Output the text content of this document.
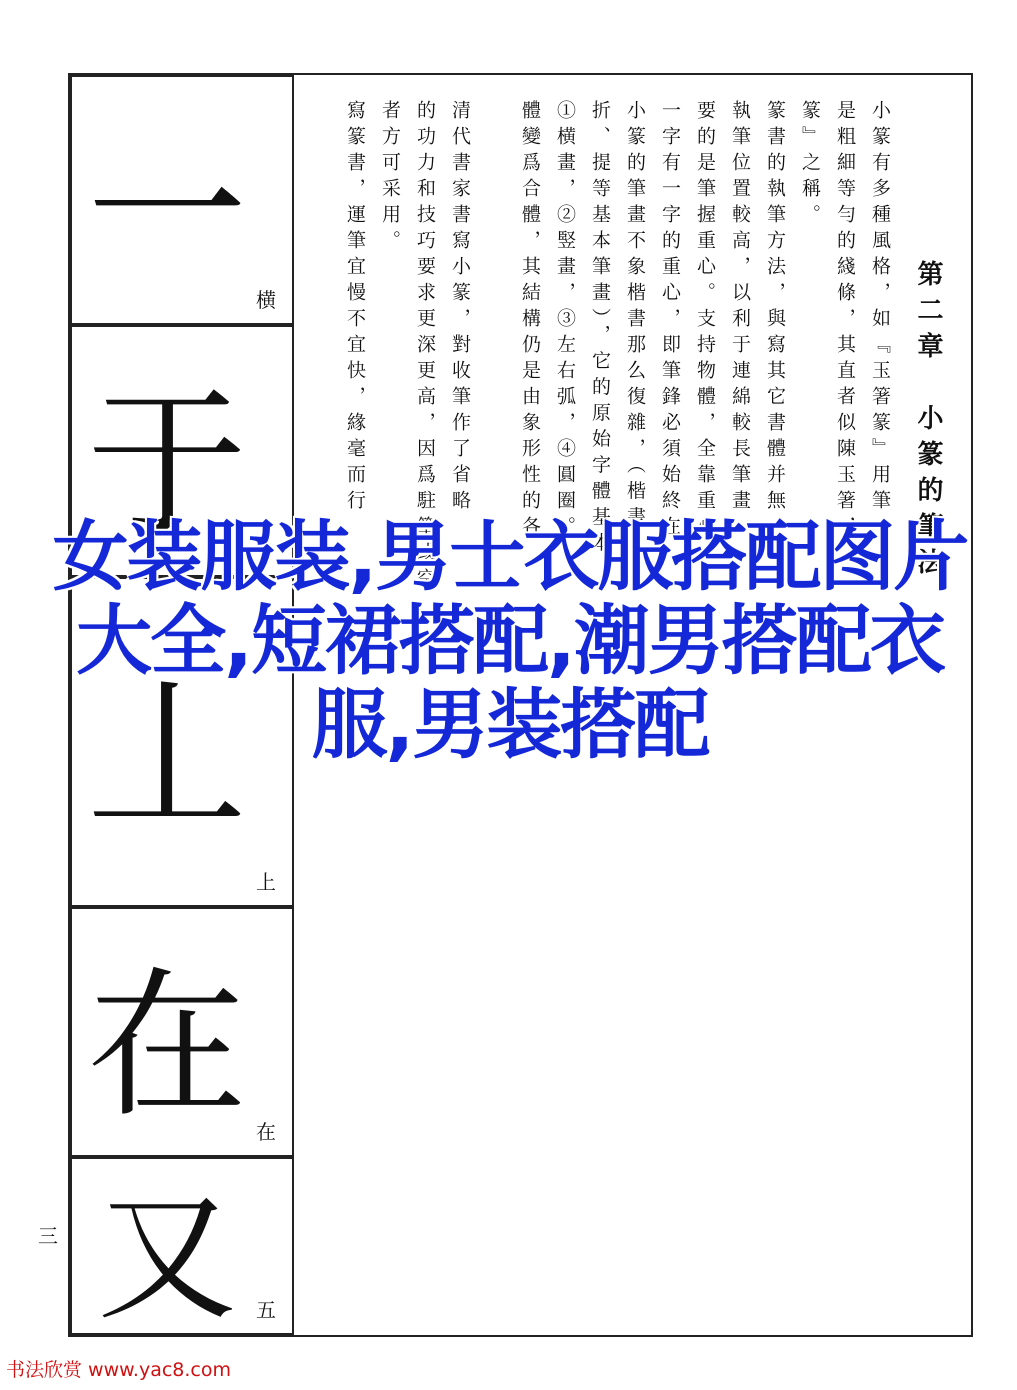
一 横
于
丄
上
在 在
又 五
三
第二章　小篆的筆法
小篆有多種風格，如『玉箸篆』用筆
是粗細等勻的綫條，其直者似陳玉箸，
篆』之稱。
篆書的執筆方法，與寫其它書體并無
執筆位置較高，以利于連綿較長筆畫
要的是筆握重心。支持物體，全靠重心
一字有一字的重心，即筆鋒必須始終在
小篆的筆畫不象楷書那么復雜，（楷書
折、提等基本筆畫），它的原始字體基本
①横畫，②竪畫，③左右弧，④圓圈。
體變爲合體，其結構仍是由象形性的各
清代書家書寫小篆，對收筆作了省略
的功力和技巧要求更深更高，因爲駐筆或空
者方可采用。
寫篆書，運筆宜慢不宜快，緣毫而行
女装服装,男士衣服搭配图片大全,短裙搭配,潮男搭配衣服,男装搭配
书法欣赏 www.yac8.com
